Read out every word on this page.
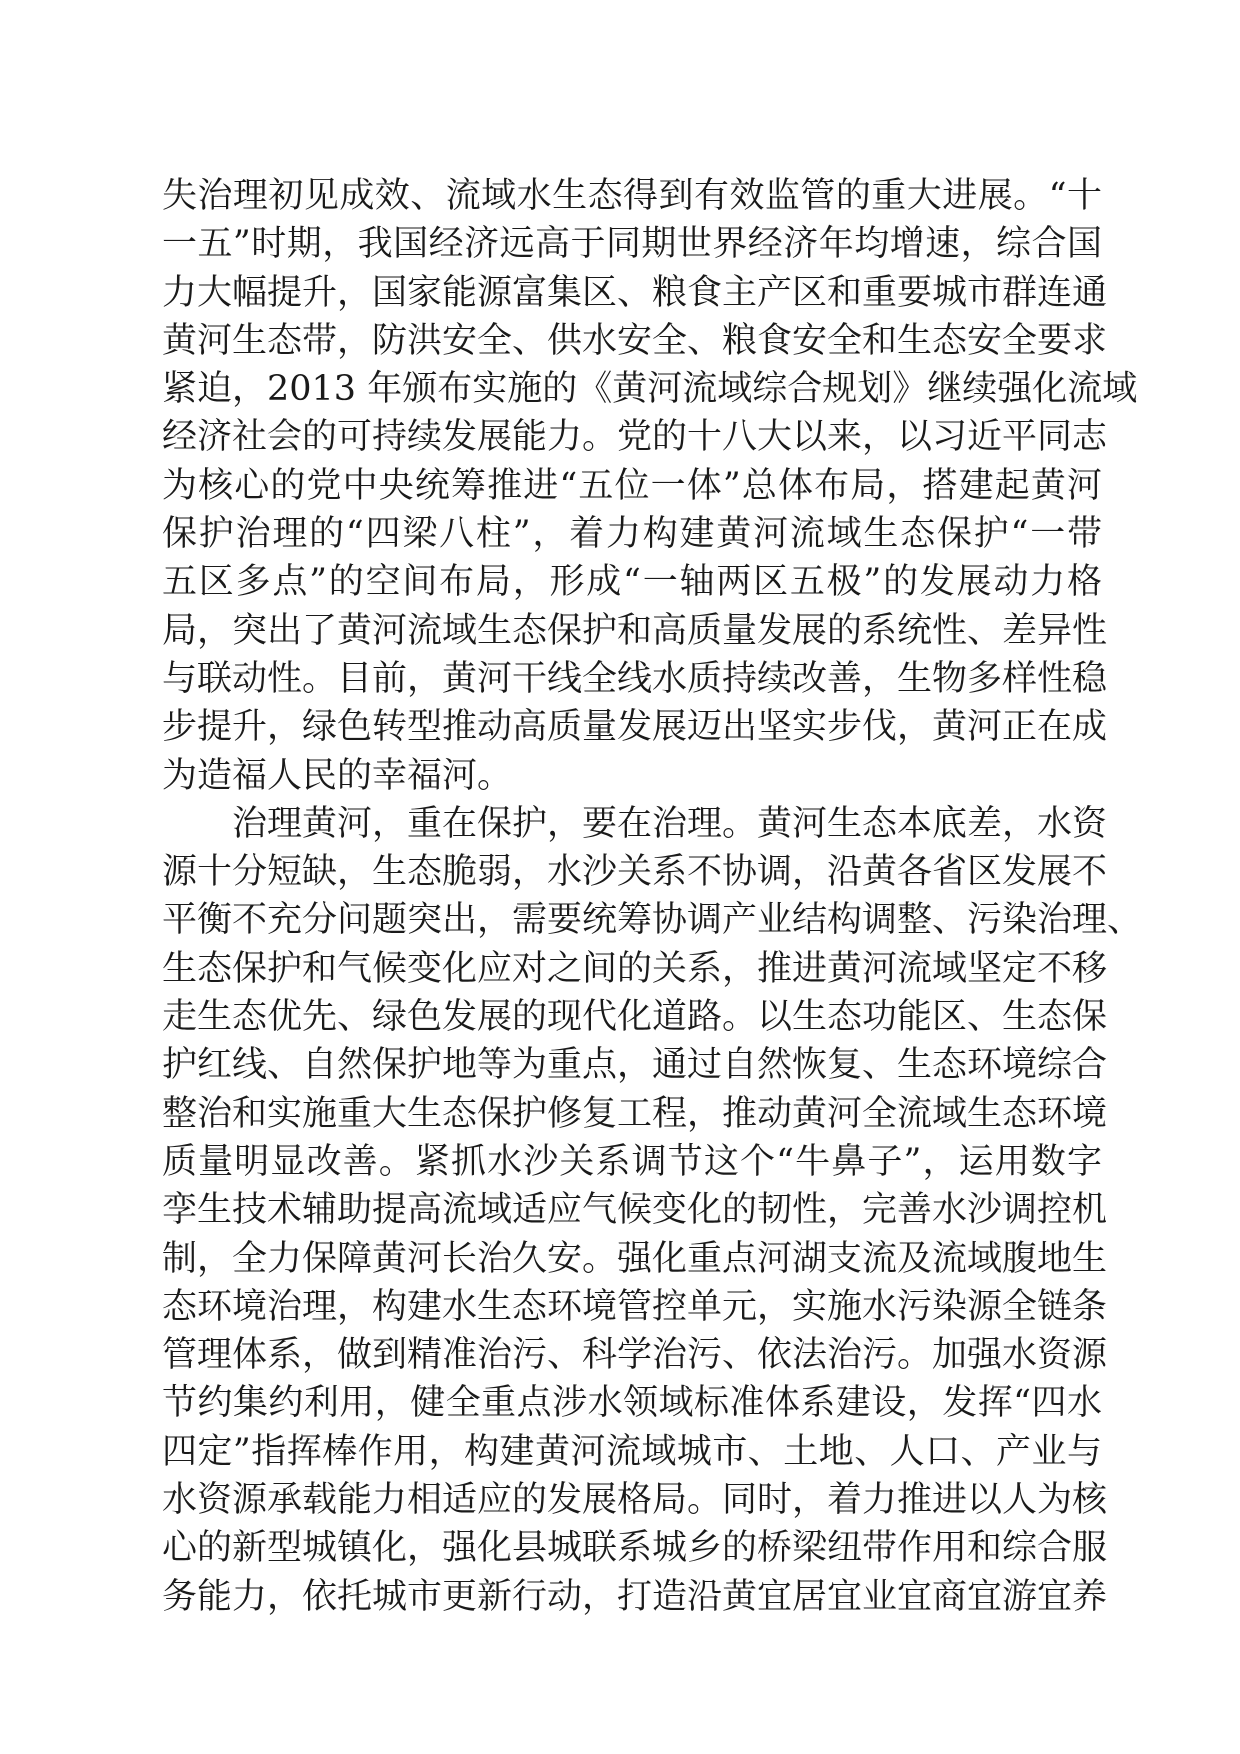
失治理初见成效、流域水生态得到有效监管的重大进展。“十
一五”时期，我国经济远高于同期世界经济年均增速，综合国
力大幅提升，国家能源富集区、粮食主产区和重要城市群连通
黄河生态带，防洪安全、供水安全、粮食安全和生态安全要求
紧迫，2013 年颁布实施的《黄河流域综合规划》继续强化流域
经济社会的可持续发展能力。党的十八大以来，以习近平同志
为核心的党中央统筹推进“五位一体”总体布局，搭建起黄河
保护治理的“四梁八柱”，着力构建黄河流域生态保护“一带
五区多点”的空间布局，形成“一轴两区五极”的发展动力格
局，突出了黄河流域生态保护和高质量发展的系统性、差异性
与联动性。目前，黄河干线全线水质持续改善，生物多样性稳
步提升，绿色转型推动高质量发展迈出坚实步伐，黄河正在成
为造福人民的幸福河。
治理黄河，重在保护，要在治理。黄河生态本底差，水资
源十分短缺，生态脆弱，水沙关系不协调，沿黄各省区发展不
平衡不充分问题突出，需要统筹协调产业结构调整、污染治理、
生态保护和气候变化应对之间的关系，推进黄河流域坚定不移
走生态优先、绿色发展的现代化道路。以生态功能区、生态保
护红线、自然保护地等为重点，通过自然恢复、生态环境综合
整治和实施重大生态保护修复工程，推动黄河全流域生态环境
质量明显改善。紧抓水沙关系调节这个“牛鼻子”，运用数字
孪生技术辅助提高流域适应气候变化的韧性，完善水沙调控机
制，全力保障黄河长治久安。强化重点河湖支流及流域腹地生
态环境治理，构建水生态环境管控单元，实施水污染源全链条
管理体系，做到精准治污、科学治污、依法治污。加强水资源
节约集约利用，健全重点涉水领域标准体系建设，发挥“四水
四定”指挥棒作用，构建黄河流域城市、土地、人口、产业与
水资源承载能力相适应的发展格局。同时，着力推进以人为核
心的新型城镇化，强化县城联系城乡的桥梁纽带作用和综合服
务能力，依托城市更新行动，打造沿黄宜居宜业宜商宜游宜养
